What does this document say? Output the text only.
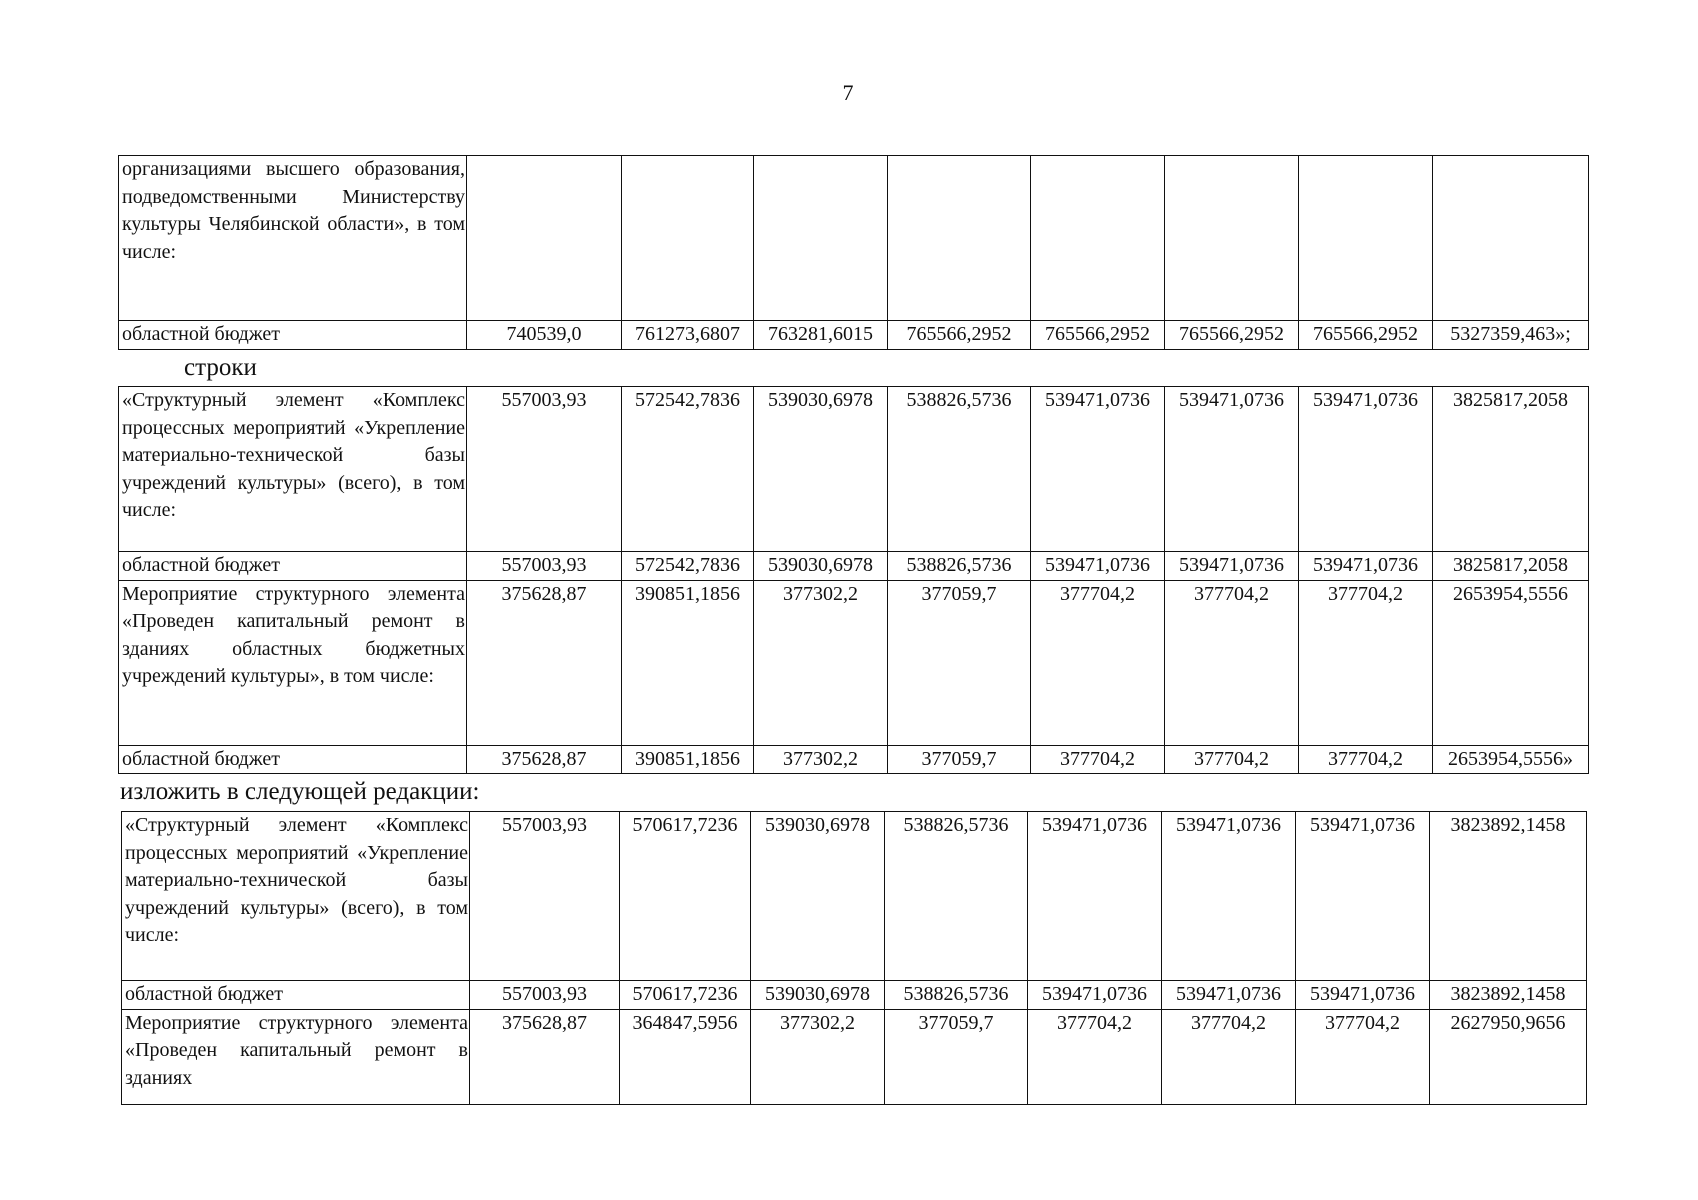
7
организациями высшего образования, подведомственными Министерству культуры Челябинской области», в том числе:								
областной бюджет	740539,0	761273,6807	763281,6015	765566,2952	765566,2952	765566,2952	765566,2952	5327359,463»;
строки
«Структурный элемент «Комплекс процессных мероприятий «Укрепление материально-технической базы учреждений культуры» (всего), в том числе:	557003,93	572542,7836	539030,6978	538826,5736	539471,0736	539471,0736	539471,0736	3825817,2058
областной бюджет	557003,93	572542,7836	539030,6978	538826,5736	539471,0736	539471,0736	539471,0736	3825817,2058
Мероприятие структурного элемента «Проведен капитальный ремонт в зданиях областных бюджетных учреждений культуры», в том числе:	375628,87	390851,1856	377302,2	377059,7	377704,2	377704,2	377704,2	2653954,5556
областной бюджет	375628,87	390851,1856	377302,2	377059,7	377704,2	377704,2	377704,2	2653954,5556»
изложить в следующей редакции:
«Структурный элемент «Комплекс процессных мероприятий «Укрепление материально-технической базы учреждений культуры» (всего), в том числе:	557003,93	570617,7236	539030,6978	538826,5736	539471,0736	539471,0736	539471,0736	3823892,1458
областной бюджет	557003,93	570617,7236	539030,6978	538826,5736	539471,0736	539471,0736	539471,0736	3823892,1458
Мероприятие структурного элемента «Проведен капитальный ремонт в зданиях	375628,87	364847,5956	377302,2	377059,7	377704,2	377704,2	377704,2	2627950,9656
